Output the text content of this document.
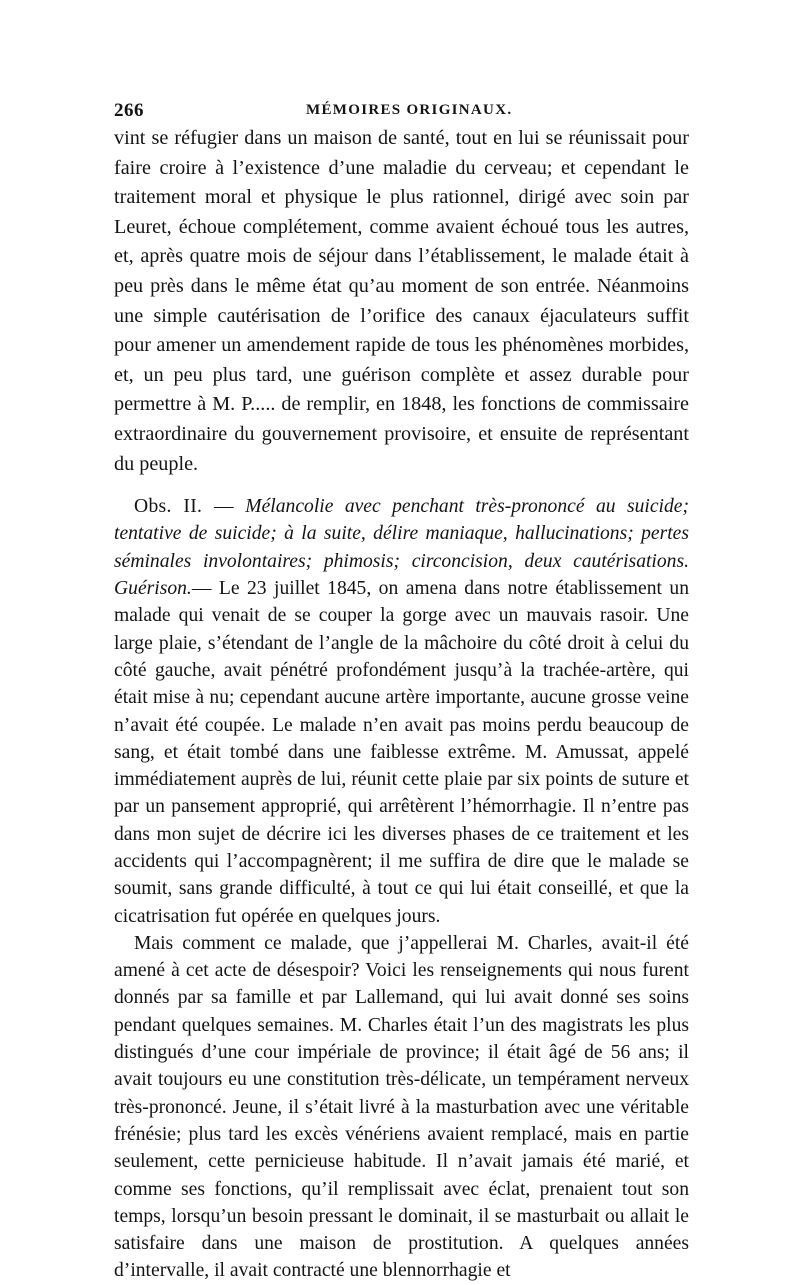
266	MÉMOIRES ORIGINAUX.

vint se réfugier dans un maison de santé, tout en lui se réunissait pour faire croire à l’existence d’une maladie du cerveau; et cependant le traitement moral et physique le plus rationnel, dirigé avec soin par Leuret, échoue complétement, comme avaient échoué tous les autres, et, après quatre mois de séjour dans l’établissement, le malade était à peu près dans le même état qu’au moment de son entrée. Néanmoins une simple cautérisation de l’orifice des canaux éjaculateurs suffit pour amener un amendement rapide de tous les phénomènes morbides, et, un peu plus tard, une guérison complète et assez durable pour permettre à M. P..... de remplir, en 1848, les fonctions de commissaire extraordinaire du gouvernement provisoire, et ensuite de représentant du peuple.

Obs. II. — Mélancolie avec penchant très-prononcé au suicide; tentative de suicide; à la suite, délire maniaque, hallucinations; pertes séminales involontaires; phimosis; circoncision, deux cautérisations. Guérison.— Le 23 juillet 1845, on amena dans notre établissement un malade qui venait de se couper la gorge avec un mauvais rasoir. Une large plaie, s’étendant de l’angle de la mâchoire du côté droit à celui du côté gauche, avait pénétré profondément jusqu’à la trachée-artère, qui était mise à nu; cependant aucune artère importante, aucune grosse veine n’avait été coupée. Le malade n’en avait pas moins perdu beaucoup de sang, et était tombé dans une faiblesse extrême. M. Amussat, appelé immédiatement auprès de lui, réunit cette plaie par six points de suture et par un pansement approprié, qui arrêtèrent l’hémorrhagie. Il n’entre pas dans mon sujet de décrire ici les diverses phases de ce traitement et les accidents qui l’accompagnèrent; il me suffira de dire que le malade se soumit, sans grande difficulté, à tout ce qui lui était conseillé, et que la cicatrisation fut opérée en quelques jours.

Mais comment ce malade, que j’appellerai M. Charles, avait-il été amené à cet acte de désespoir? Voici les renseignements qui nous furent donnés par sa famille et par Lallemand, qui lui avait donné ses soins pendant quelques semaines. M. Charles était l’un des magistrats les plus distingués d’une cour impériale de province; il était âgé de 56 ans; il avait toujours eu une constitution très-délicate, un tempérament nerveux très-prononcé. Jeune, il s’était livré à la masturbation avec une véritable frénésie; plus tard les excès vénériens avaient remplacé, mais en partie seulement, cette pernicieuse habitude. Il n’avait jamais été marié, et comme ses fonctions, qu’il remplissait avec éclat, prenaient tout son temps, lorsqu’un besoin pressant le dominait, il se masturbait ou allait le satisfaire dans une maison de prostitution. A quelques années d’intervalle, il avait contracté une blennorrhagie et
